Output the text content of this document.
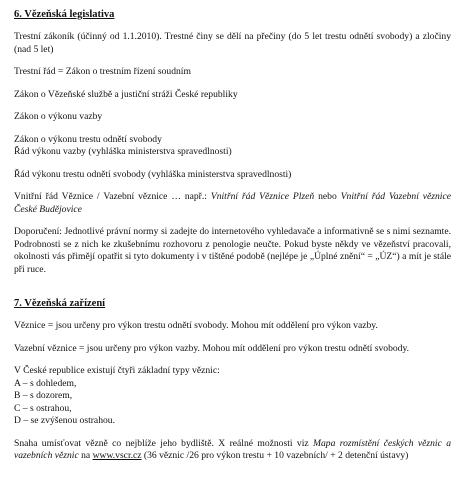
6. Vězeňská legislativa

Trestní zákoník (účinný od 1.1.2010). Trestné činy se dělí na přečiny (do 5 let trestu odnětí svobody) a zločiny (nad 5 let)

Trestní řád = Zákon o trestním řízení soudním

Zákon o Vězeňské službě a justiční stráži České republiky

Zákon o výkonu vazby

Zákon o výkonu trestu odnětí svobody

Řád výkonu vazby (vyhláška ministerstva spravedlnosti)

Řád výkonu trestu odnětí svobody (vyhláška ministerstva spravedlnosti)

Vnitřní řád Věznice / Vazební věznice … např.: Vnitřní řád Věznice Plzeň nebo Vnitřní řád Vazební věznice České Budějovice

Doporučení: Jednotlivé právní normy si zadejte do internetového vyhledavače a informativně se s nimi seznamte. Podrobnosti se z nich ke zkušebnímu rozhovoru z penologie neučte. Pokud byste někdy ve vězeňství pracovali, okolnosti vás přimějí opatřit si tyto dokumenty i v tištěné podobě (nejlépe je „Úplné znění“ = „ÚZ“) a mít je stále při ruce.

7. Vězeňská zařízení

Věznice = jsou určeny pro výkon trestu odnětí svobody. Mohou mít oddělení pro výkon vazby.

Vazební věznice = jsou určeny pro výkon vazby. Mohou mít oddělení pro výkon trestu odnětí svobody.

V České republice existují čtyři základní typy věznic:

A – s dohledem,
B – s dozorem,
C – s ostrahou,
D – se zvýšenou ostrahou.

Snaha umísťovat vězně co nejblíže jeho bydliště. X reálné možnosti viz Mapa rozmístění českých věznic a vazebních věznic na www.vscr.cz (36 věznic /26 pro výkon trestu + 10 vazebních/ + 2 detenční ústavy)
